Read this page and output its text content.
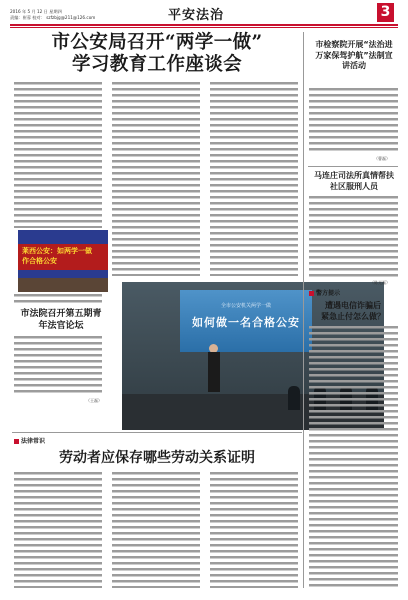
2016 年 5 月 12 日 星期四
责编：崔蓉 校对： szfzbjg@211@126.com	平安法治	3
市公安局召开“两学一做”
学习教育工作座谈会
莱西公安：如两学一做
作合格公安
市法院召开第五期青年法官论坛
（王磊）
全市公安机关两学一做
如何做一名合格公安
市检察院开展“法治进万家保驾护航”法制宣讲活动
（曹磊）
马连庄司法所真情帮扶社区服刑人员
（陈光磊）
警方提示
遭遇电信诈骗后
紧急止付怎么做？
法律常识
劳动者应保存哪些劳动关系证明
